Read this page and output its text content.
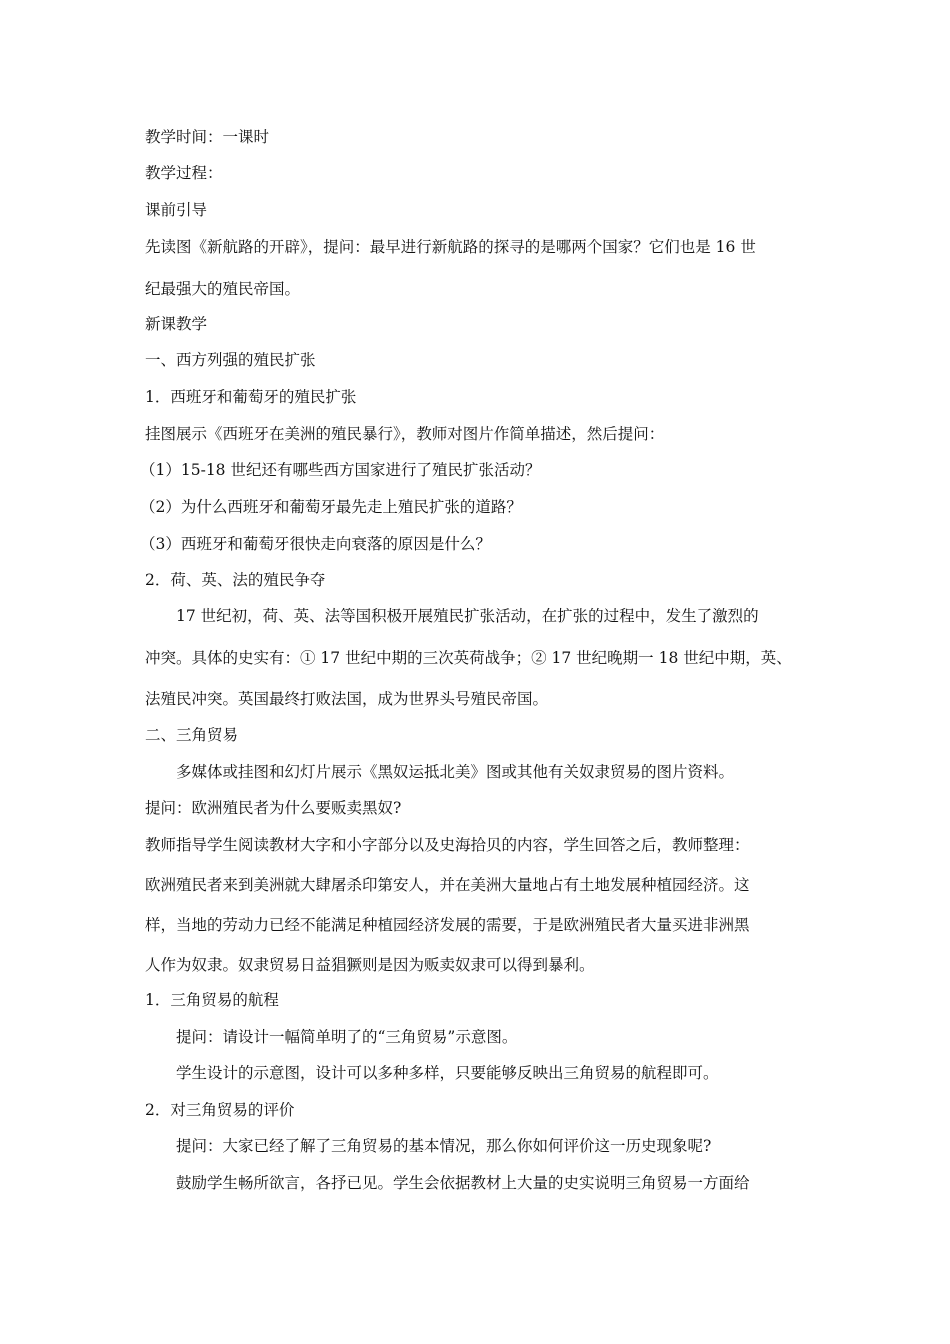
教学时间：一课时
教学过程：
课前引导
先读图《新航路的开辟》，提问：最早进行新航路的探寻的是哪两个国家？它们也是 16 世
纪最强大的殖民帝国。
新课教学
一、西方列强的殖民扩张
1．西班牙和葡萄牙的殖民扩张
挂图展示《西班牙在美洲的殖民暴行》，教师对图片作简单描述，然后提问：
（1）15-18 世纪还有哪些西方国家进行了殖民扩张活动？
（2）为什么西班牙和葡萄牙最先走上殖民扩张的道路？
（3）西班牙和葡萄牙很快走向衰落的原因是什么？
2．荷、英、法的殖民争夺
17 世纪初，荷、英、法等国积极开展殖民扩张活动，在扩张的过程中，发生了激烈的
冲突。具体的史实有：① 17 世纪中期的三次英荷战争；② 17 世纪晚期一 18 世纪中期，英、
法殖民冲突。英国最终打败法国，成为世界头号殖民帝国。
二、三角贸易
多媒体或挂图和幻灯片展示《黑奴运抵北美》图或其他有关奴隶贸易的图片资料。
提问：欧洲殖民者为什么要贩卖黑奴?
教师指导学生阅读教材大字和小字部分以及史海拾贝的内容，学生回答之后，教师整理：
欧洲殖民者来到美洲就大肆屠杀印第安人，并在美洲大量地占有土地发展种植园经济。这
样，当地的劳动力已经不能满足种植园经济发展的需要，于是欧洲殖民者大量买进非洲黑
人作为奴隶。奴隶贸易日益猖獗则是因为贩卖奴隶可以得到暴利。
1．三角贸易的航程
提问：请设计一幅简单明了的“三角贸易”示意图。
学生设计的示意图，设计可以多种多样，只要能够反映出三角贸易的航程即可。
2．对三角贸易的评价
提问：大家已经了解了三角贸易的基本情况，那么你如何评价这一历史现象呢?
鼓励学生畅所欲言，各抒已见。学生会依据教材上大量的史实说明三角贸易一方面给
